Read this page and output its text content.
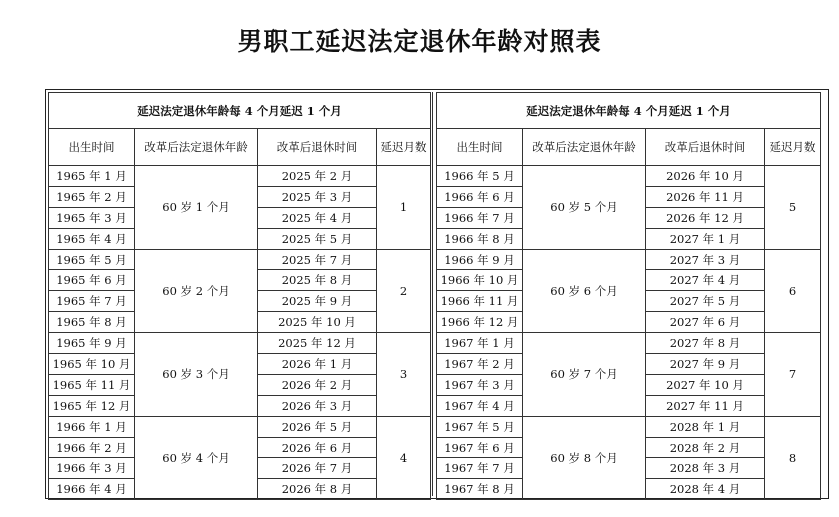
男职工延迟法定退休年龄对照表
延迟法定退休年龄每 4 个月延迟 1 个月			
出生时间	改革后法定退休年龄	改革后退休时间	延迟月数
1965 年 1 月	60 岁 1 个月	2025 年 2 月	1
1965 年 2 月		2025 年 3 月	
1965 年 3 月		2025 年 4 月	
1965 年 4 月		2025 年 5 月	
1965 年 5 月	60 岁 2 个月	2025 年 7 月	2
1965 年 6 月		2025 年 8 月	
1965 年 7 月		2025 年 9 月	
1965 年 8 月		2025 年 10 月	
1965 年 9 月	60 岁 3 个月	2025 年 12 月	3
1965 年 10 月		2026 年 1 月	
1965 年 11 月		2026 年 2 月	
1965 年 12 月		2026 年 3 月	
1966 年 1 月	60 岁 4 个月	2026 年 5 月	4
1966 年 2 月		2026 年 6 月	
1966 年 3 月		2026 年 7 月	
1966 年 4 月		2026 年 8 月	
延迟法定退休年龄每 4 个月延迟 1 个月			
出生时间	改革后法定退休年龄	改革后退休时间	延迟月数
1966 年 5 月	60 岁 5 个月	2026 年 10 月	5
1966 年 6 月		2026 年 11 月	
1966 年 7 月		2026 年 12 月	
1966 年 8 月		2027 年 1 月	
1966 年 9 月	60 岁 6 个月	2027 年 3 月	6
1966 年 10 月		2027 年 4 月	
1966 年 11 月		2027 年 5 月	
1966 年 12 月		2027 年 6 月	
1967 年 1 月	60 岁 7 个月	2027 年 8 月	7
1967 年 2 月		2027 年 9 月	
1967 年 3 月		2027 年 10 月	
1967 年 4 月		2027 年 11 月	
1967 年 5 月	60 岁 8 个月	2028 年 1 月	8
1967 年 6 月		2028 年 2 月	
1967 年 7 月		2028 年 3 月	
1967 年 8 月		2028 年 4 月	
